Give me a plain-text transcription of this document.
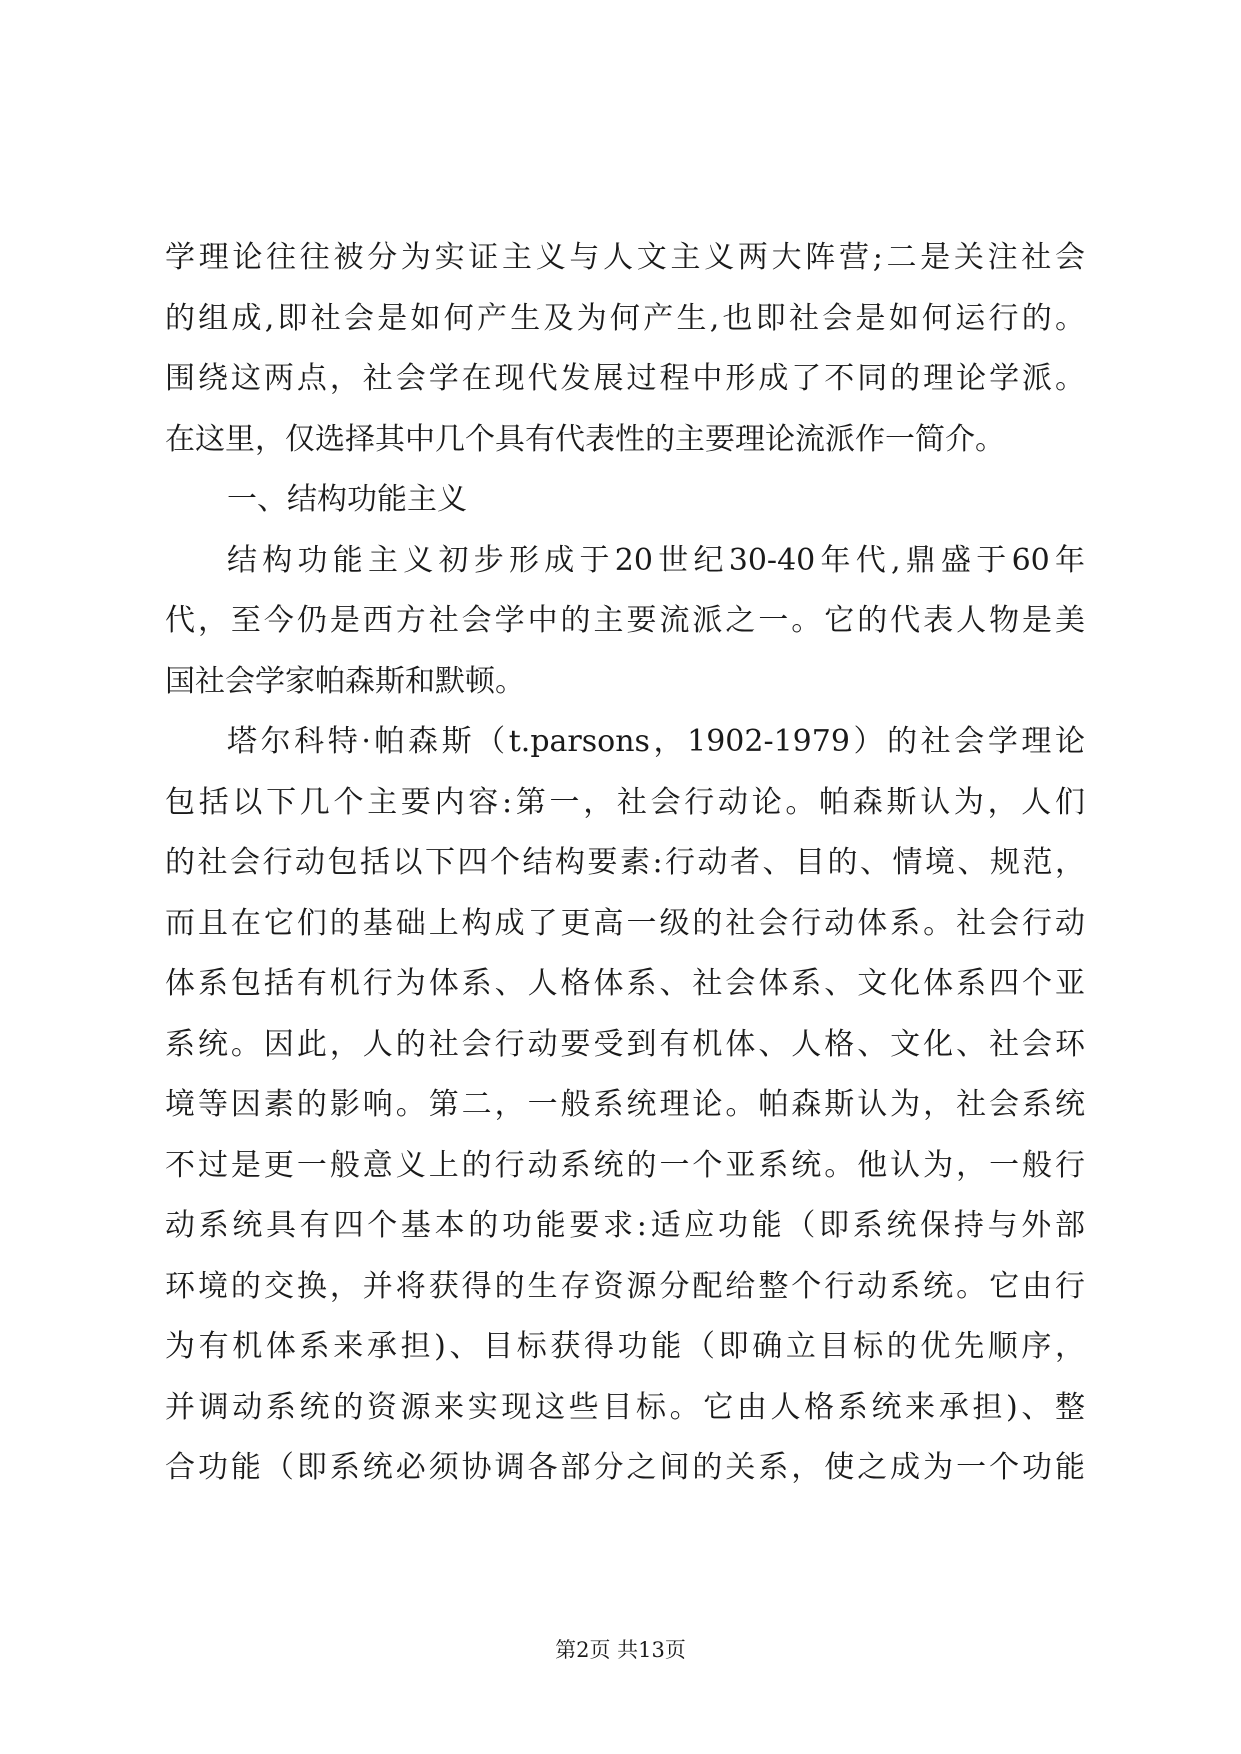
学理论往往被分为实证主义与人文主义两大阵营;二是关注社会
的组成,即社会是如何产生及为何产生,也即社会是如何运行的。
围绕这两点，社会学在现代发展过程中形成了不同的理论学派。
在这里，仅选择其中几个具有代表性的主要理论流派作一简介。
一、结构功能主义
结构功能主义初步形成于20世纪30-40年代,鼎盛于60年
代，至今仍是西方社会学中的主要流派之一。它的代表人物是美
国社会学家帕森斯和默顿。
塔尔科特·帕森斯（t.parsons，1902-1979）的社会学理论
包括以下几个主要内容:第一，社会行动论。帕森斯认为，人们
的社会行动包括以下四个结构要素:行动者、目的、情境、规范，
而且在它们的基础上构成了更高一级的社会行动体系。社会行动
体系包括有机行为体系、人格体系、社会体系、文化体系四个亚
系统。因此，人的社会行动要受到有机体、人格、文化、社会环
境等因素的影响。第二，一般系统理论。帕森斯认为，社会系统
不过是更一般意义上的行动系统的一个亚系统。他认为，一般行
动系统具有四个基本的功能要求:适应功能（即系统保持与外部
环境的交换，并将获得的生存资源分配给整个行动系统。它由行
为有机体系来承担)、目标获得功能（即确立目标的优先顺序，
并调动系统的资源来实现这些目标。它由人格系统来承担)、整
合功能（即系统必须协调各部分之间的关系，使之成为一个功能
第2页 共13页
